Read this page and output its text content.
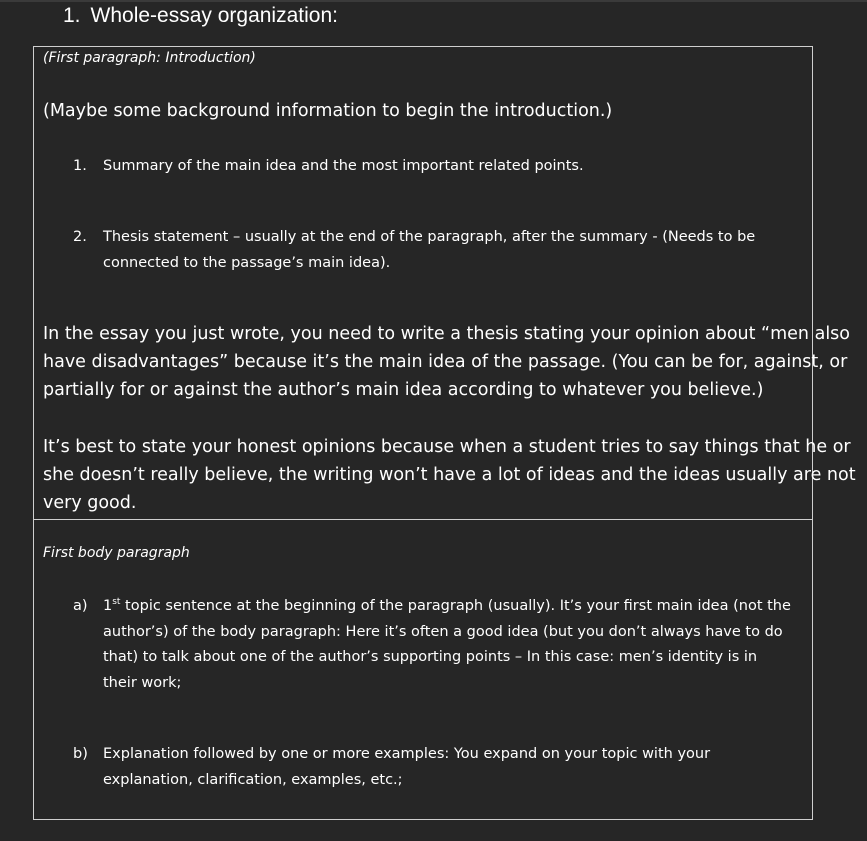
1. Whole-essay organization:
(First paragraph: Introduction)
(Maybe some background information to begin the introduction.)
1. Summary of the main idea and the most important related points.
2. Thesis statement – usually at the end of the paragraph, after the summary - (Needs to be
connected to the passage’s main idea).
In the essay you just wrote, you need to write a thesis stating your opinion about “men also
have disadvantages” because it’s the main idea of the passage. (You can be for, against, or
partially for or against the author’s main idea according to whatever you believe.)
It’s best to state your honest opinions because when a student tries to say things that he or
she doesn’t really believe, the writing won’t have a lot of ideas and the ideas usually are not
very good.
First body paragraph
a) 1st topic sentence at the beginning of the paragraph (usually). It’s your first main idea (not the
author’s) of the body paragraph: Here it’s often a good idea (but you don’t always have to do
that) to talk about one of the author’s supporting points – In this case: men’s identity is in
their work;
b) Explanation followed by one or more examples: You expand on your topic with your
explanation, clarification, examples, etc.;
